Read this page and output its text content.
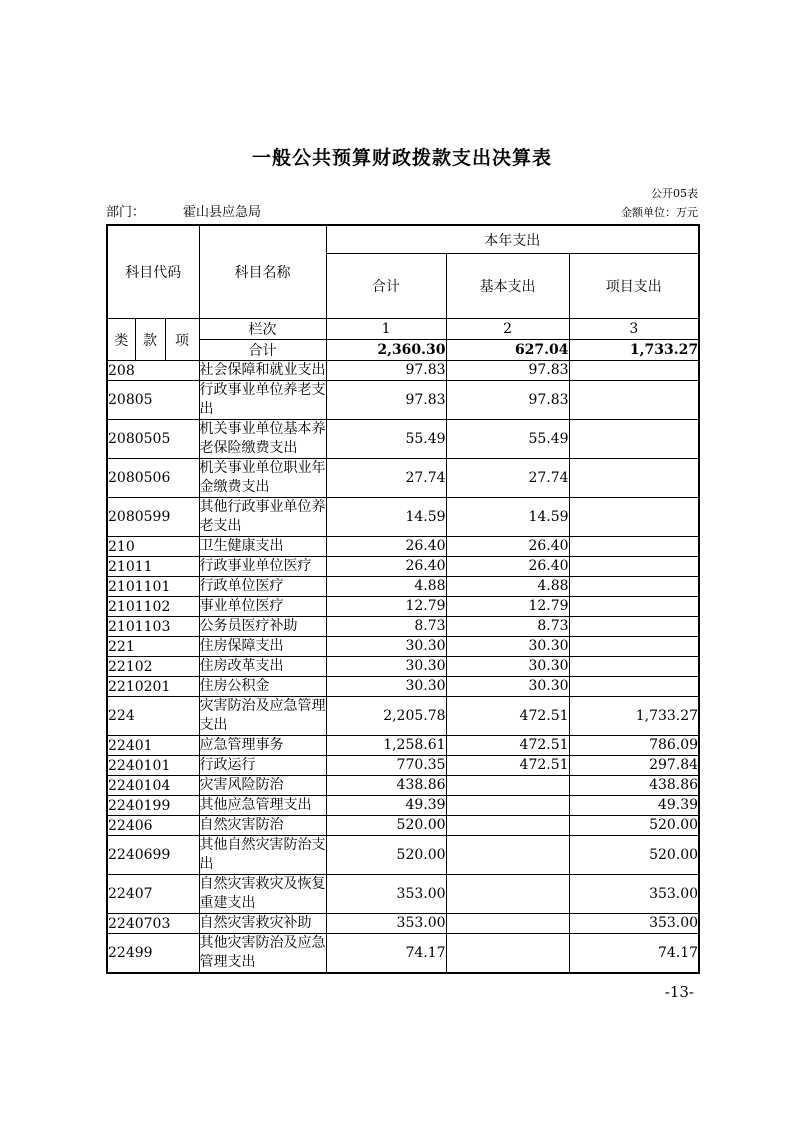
一般公共预算财政拨款支出决算表
公开05表
部门：	霍山县应急局	金额单位：万元
科目代码			科目名称	本年支出		
				合计	基本支出	项目支出
类	款	项	栏次	1	2	3
			合计	2,360.30	627.04	1,733.27
208			社会保障和就业支出	97.83	97.83	
20805			行政事业单位养老支出	97.83	97.83	
2080505			机关事业单位基本养老保险缴费支出	55.49	55.49	
2080506			机关事业单位职业年金缴费支出	27.74	27.74	
2080599			其他行政事业单位养老支出	14.59	14.59	
210			卫生健康支出	26.40	26.40	
21011			行政事业单位医疗	26.40	26.40	
2101101			行政单位医疗	4.88	4.88	
2101102			事业单位医疗	12.79	12.79	
2101103			公务员医疗补助	8.73	8.73	
221			住房保障支出	30.30	30.30	
22102			住房改革支出	30.30	30.30	
2210201			住房公积金	30.30	30.30	
224			灾害防治及应急管理支出	2,205.78	472.51	1,733.27
22401			应急管理事务	1,258.61	472.51	786.09
2240101			行政运行	770.35	472.51	297.84
2240104			灾害风险防治	438.86		438.86
2240199			其他应急管理支出	49.39		49.39
22406			自然灾害防治	520.00		520.00
2240699			其他自然灾害防治支出	520.00		520.00
22407			自然灾害救灾及恢复重建支出	353.00		353.00
2240703			自然灾害救灾补助	353.00		353.00
22499			其他灾害防治及应急管理支出	74.17		74.17
-13-
